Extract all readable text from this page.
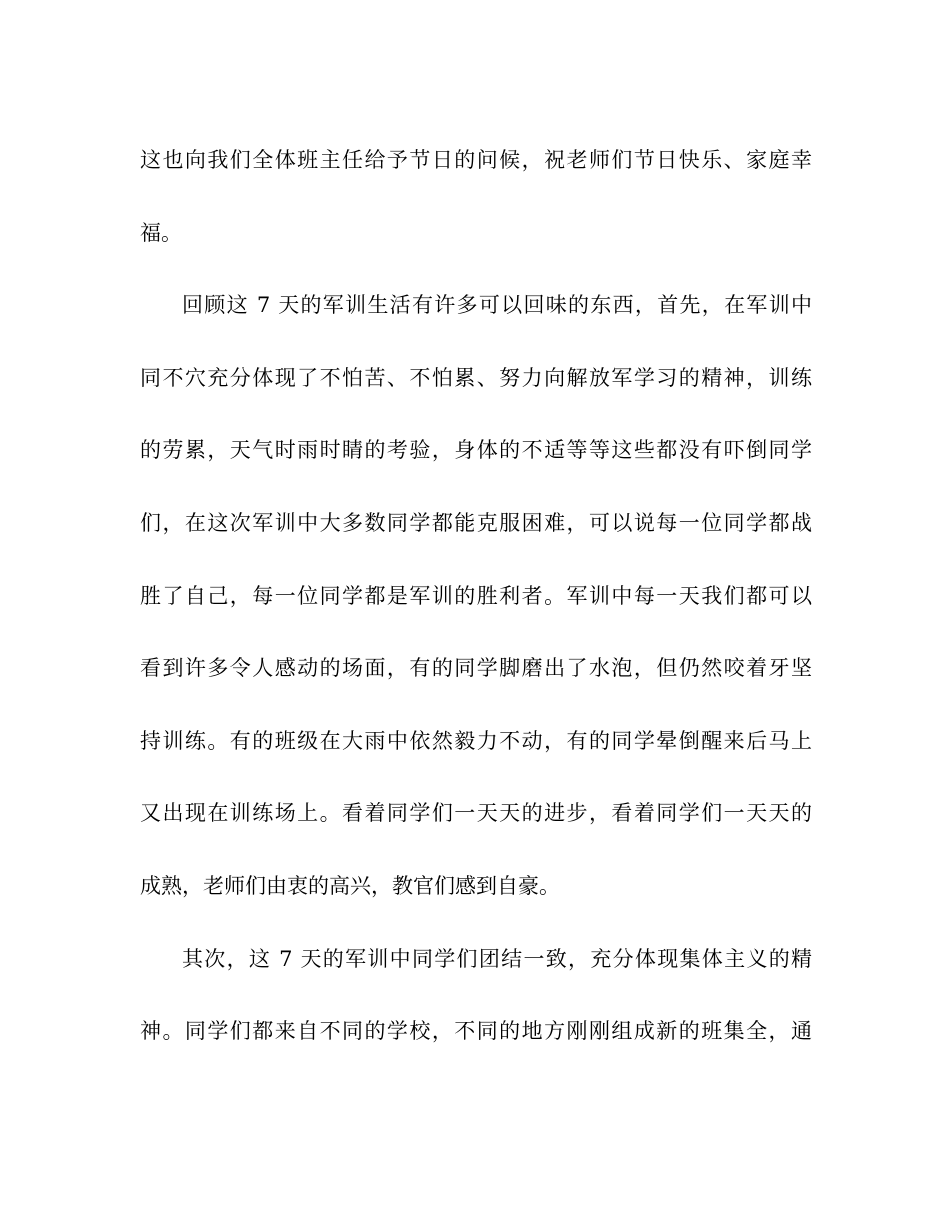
这也向我们全体班主任给予节日的问候，祝老师们节日快乐、家庭幸
福。
回顾这 7 天的军训生活有许多可以回味的东西，首先，在军训中
同不穴充分体现了不怕苦、不怕累、努力向解放军学习的精神，训练
的劳累，天气时雨时睛的考验，身体的不适等等这些都没有吓倒同学
们，在这次军训中大多数同学都能克服困难，可以说每一位同学都战
胜了自己，每一位同学都是军训的胜利者。军训中每一天我们都可以
看到许多令人感动的场面，有的同学脚磨出了水泡，但仍然咬着牙坚
持训练。有的班级在大雨中依然毅力不动，有的同学晕倒醒来后马上
又出现在训练场上。看着同学们一天天的进步，看着同学们一天天的
成熟，老师们由衷的高兴，教官们感到自豪。
其次，这 7 天的军训中同学们团结一致，充分体现集体主义的精
神。同学们都来自不同的学校，不同的地方刚刚组成新的班集全，通
